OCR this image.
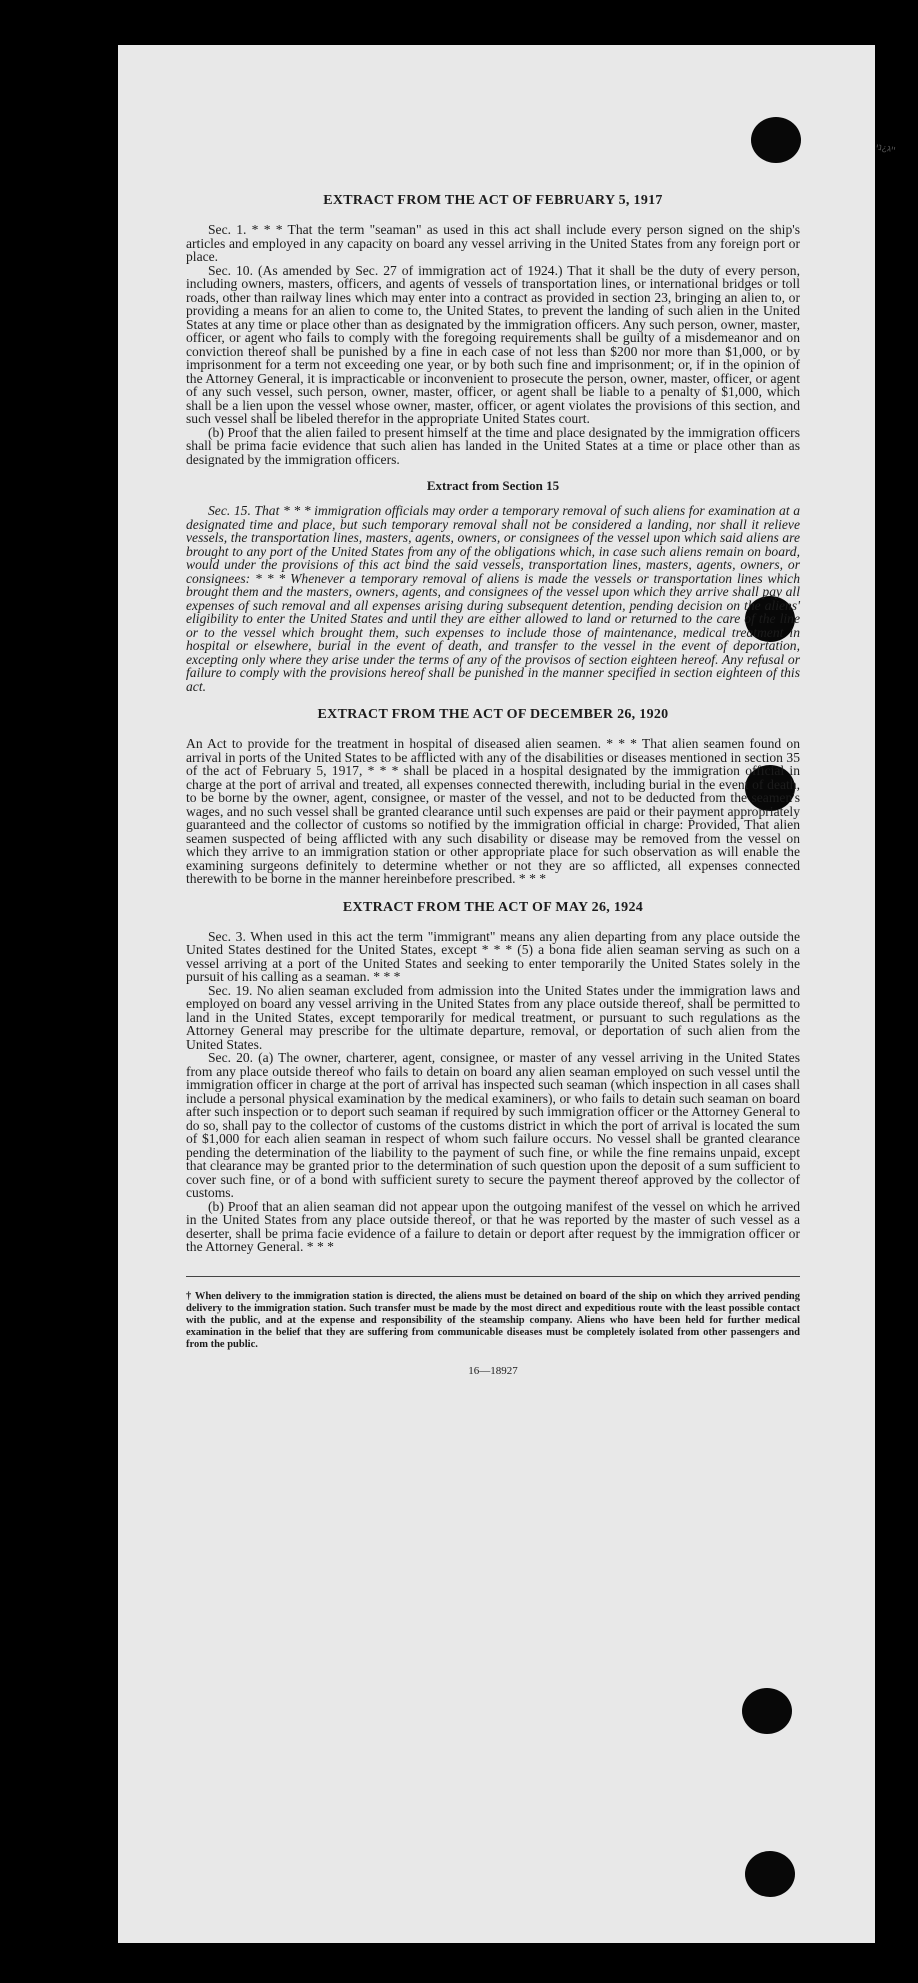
ײג¿ני
EXTRACT FROM THE ACT OF FEBRUARY 5, 1917

Sec. 1. * * * That the term "seaman" as used in this act shall include every person signed on the ship's articles and employed in any capacity on board any vessel arriving in the United States from any foreign port or place.

Sec. 10. (As amended by Sec. 27 of immigration act of 1924.) That it shall be the duty of every person, including owners, masters, officers, and agents of vessels of transportation lines, or international bridges or toll roads, other than railway lines which may enter into a contract as provided in section 23, bringing an alien to, or providing a means for an alien to come to, the United States, to prevent the landing of such alien in the United States at any time or place other than as designated by the immigration officers. Any such person, owner, master, officer, or agent who fails to comply with the foregoing requirements shall be guilty of a misdemeanor and on conviction thereof shall be punished by a fine in each case of not less than $200 nor more than $1,000, or by imprisonment for a term not exceeding one year, or by both such fine and imprisonment; or, if in the opinion of the Attorney General, it is impracticable or inconvenient to prosecute the person, owner, master, officer, or agent of any such vessel, such person, owner, master, officer, or agent shall be liable to a penalty of $1,000, which shall be a lien upon the vessel whose owner, master, officer, or agent violates the provisions of this section, and such vessel shall be libeled therefor in the appropriate United States court.

(b) Proof that the alien failed to present himself at the time and place designated by the immigration officers shall be prima facie evidence that such alien has landed in the United States at a time or place other than as designated by the immigration officers.

Extract from Section 15

Sec. 15. That * * * immigration officials may order a temporary removal of such aliens for examination at a designated time and place, but such temporary removal shall not be considered a landing, nor shall it relieve vessels, the transportation lines, masters, agents, owners, or consignees of the vessel upon which said aliens are brought to any port of the United States from any of the obligations which, in case such aliens remain on board, would under the provisions of this act bind the said vessels, transportation lines, masters, agents, owners, or consignees: * * * Whenever a temporary removal of aliens is made the vessels or transportation lines which brought them and the masters, owners, agents, and consignees of the vessel upon which they arrive shall pay all expenses of such removal and all expenses arising during subsequent detention, pending decision on the aliens' eligibility to enter the United States and until they are either allowed to land or returned to the care of the line or to the vessel which brought them, such expenses to include those of maintenance, medical treatment in hospital or elsewhere, burial in the event of death, and transfer to the vessel in the event of deportation, excepting only where they arise under the terms of any of the provisos of section eighteen hereof. Any refusal or failure to comply with the provisions hereof shall be punished in the manner specified in section eighteen of this act.

EXTRACT FROM THE ACT OF DECEMBER 26, 1920

An Act to provide for the treatment in hospital of diseased alien seamen. * * * That alien seamen found on arrival in ports of the United States to be afflicted with any of the disabilities or diseases mentioned in section 35 of the act of February 5, 1917, * * * shall be placed in a hospital designated by the immigration official in charge at the port of arrival and treated, all expenses connected therewith, including burial in the event of death, to be borne by the owner, agent, consignee, or master of the vessel, and not to be deducted from the seamen's wages, and no such vessel shall be granted clearance until such expenses are paid or their payment appropriately guaranteed and the collector of customs so notified by the immigration official in charge: Provided, That alien seamen suspected of being afflicted with any such disability or disease may be removed from the vessel on which they arrive to an immigration station or other appropriate place for such observation as will enable the examining surgeons definitely to determine whether or not they are so afflicted, all expenses connected therewith to be borne in the manner hereinbefore prescribed. * * *

EXTRACT FROM THE ACT OF MAY 26, 1924

Sec. 3. When used in this act the term "immigrant" means any alien departing from any place outside the United States destined for the United States, except * * * (5) a bona fide alien seaman serving as such on a vessel arriving at a port of the United States and seeking to enter temporarily the United States solely in the pursuit of his calling as a seaman. * * *

Sec. 19. No alien seaman excluded from admission into the United States under the immigration laws and employed on board any vessel arriving in the United States from any place outside thereof, shall be permitted to land in the United States, except temporarily for medical treatment, or pursuant to such regulations as the Attorney General may prescribe for the ultimate departure, removal, or deportation of such alien from the United States.

Sec. 20. (a) The owner, charterer, agent, consignee, or master of any vessel arriving in the United States from any place outside thereof who fails to detain on board any alien seaman employed on such vessel until the immigration officer in charge at the port of arrival has inspected such seaman (which inspection in all cases shall include a personal physical examination by the medical examiners), or who fails to detain such seaman on board after such inspection or to deport such seaman if required by such immigration officer or the Attorney General to do so, shall pay to the collector of customs of the customs district in which the port of arrival is located the sum of $1,000 for each alien seaman in respect of whom such failure occurs. No vessel shall be granted clearance pending the determination of the liability to the payment of such fine, or while the fine remains unpaid, except that clearance may be granted prior to the determination of such question upon the deposit of a sum sufficient to cover such fine, or of a bond with sufficient surety to secure the payment thereof approved by the collector of customs.

(b) Proof that an alien seaman did not appear upon the outgoing manifest of the vessel on which he arrived in the United States from any place outside thereof, or that he was reported by the master of such vessel as a deserter, shall be prima facie evidence of a failure to detain or deport after request by the immigration officer or the Attorney General. * * *

† When delivery to the immigration station is directed, the aliens must be detained on board of the ship on which they arrived pending delivery to the immigration station. Such transfer must be made by the most direct and expeditious route with the least possible contact with the public, and at the expense and responsibility of the steamship company. Aliens who have been held for further medical examination in the belief that they are suffering from communicable diseases must be completely isolated from other passengers and from the public.
16—18927
